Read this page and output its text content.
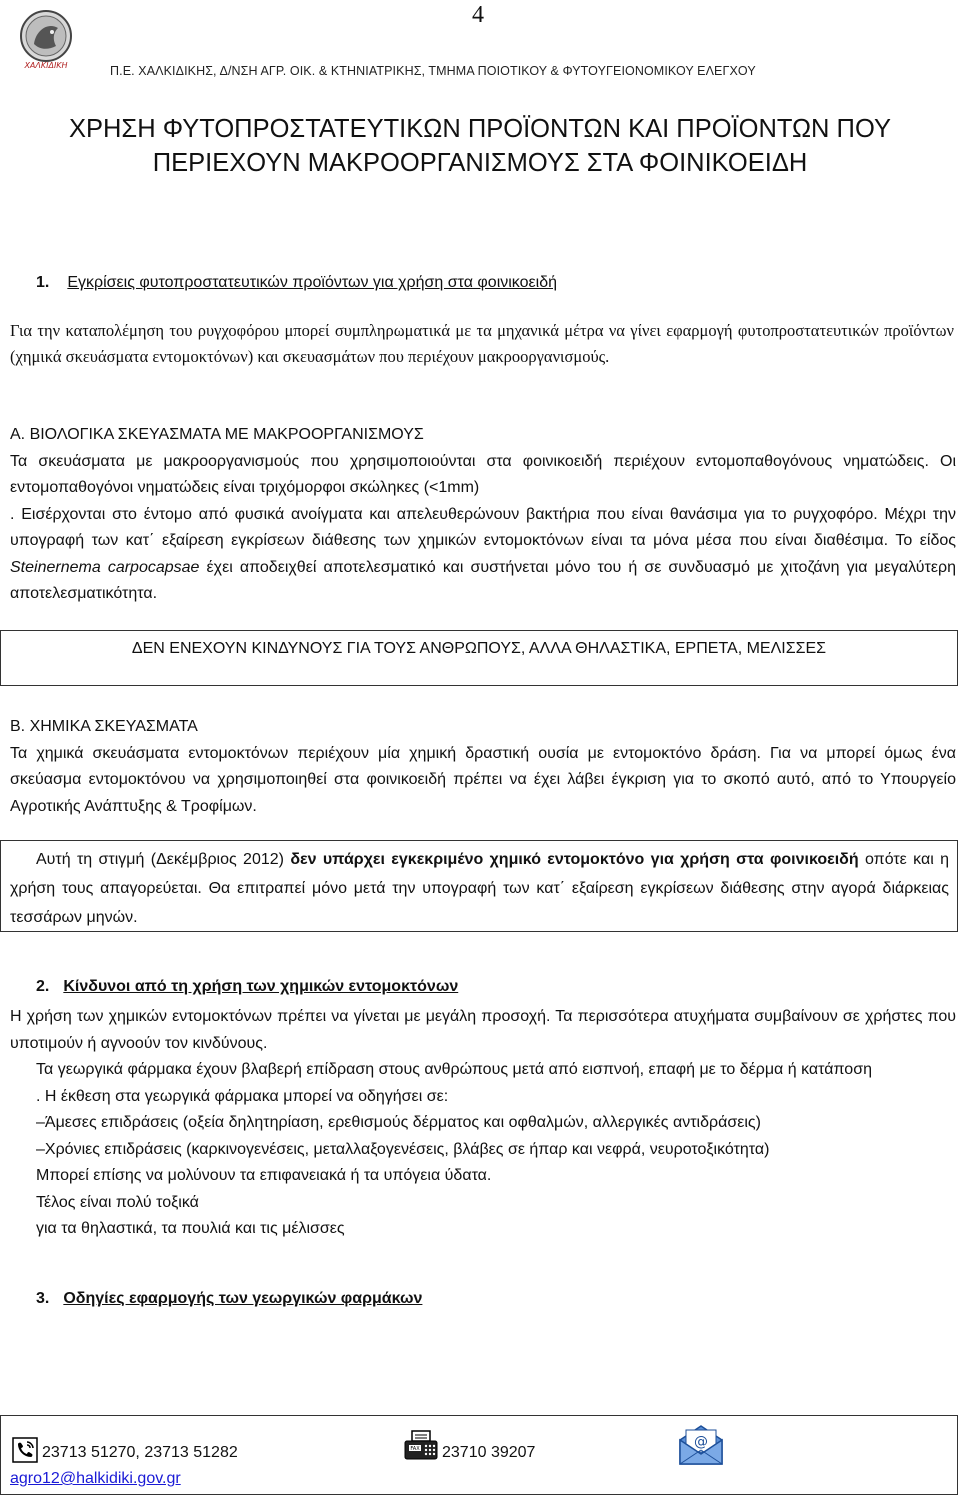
4
ΧΑΛΚΙΔΙΚΗ	Π.Ε. ΧΑΛΚΙΔΙΚΗΣ, Δ/ΝΣΗ ΑΓΡ. ΟΙΚ. & ΚΤΗΝΙΑΤΡΙΚΗΣ, ΤΜΗΜΑ ΠΟΙΟΤΙΚΟΥ & ΦΥΤΟΥΓΕΙΟΝΟΜΙΚΟΥ ΕΛΕΓΧΟΥ
ΧΡΗΣΗ ΦΥΤΟΠΡΟΣΤΑΤΕΥΤΙΚΩΝ ΠΡΟΪΟΝΤΩΝ ΚΑΙ ΠΡΟΪΟΝΤΩΝ ΠΟΥ
ΠΕΡΙΕΧΟΥΝ ΜΑΚΡΟΟΡΓΑΝΙΣΜΟΥΣ ΣΤΑ ΦΟΙΝΙΚΟΕΙΔΗ
1. Εγκρίσεις φυτοπροστατευτικών προϊόντων για χρήση στα φοινικοειδή
Για την καταπολέμηση του ρυγχοφόρου μπορεί συμπληρωματικά με τα μηχανικά μέτρα να γίνει εφαρμογή φυτοπροστατευτικών προϊόντων (χημικά σκευάσματα εντομοκτόνων) και σκευασμάτων που περιέχουν μακροοργανισμούς.

Α. ΒΙΟΛΟΓΙΚΑ ΣΚΕΥΑΣΜΑΤΑ ΜΕ ΜΑΚΡΟΟΡΓΑΝΙΣΜΟΥΣ

Τα σκευάσματα με μακροοργανισμούς που χρησιμοποιούνται στα φοινικοειδή περιέχουν εντομοπαθογόνους νηματώδεις. Οι εντομοπαθογόνοι νηματώδεις είναι τριχόμορφοι σκώληκες (<1mm)

. Εισέρχονται στο έντομο από φυσικά ανοίγματα και απελευθερώνουν βακτήρια που είναι θανάσιμα για το ρυγχοφόρο. Μέχρι την υπογραφή των κατ΄ εξαίρεση εγκρίσεων διάθεσης των χημικών εντομοκτόνων είναι τα μόνα μέσα που είναι διαθέσιμα. Το είδος Steinernema carpocapsae έχει αποδειχθεί αποτελεσματικό και συστήνεται μόνο του ή σε συνδυασμό με χιτοζάνη για μεγαλύτερη αποτελεσματικότητα.

ΔΕΝ ΕΝΕΧΟΥΝ ΚΙΝΔΥΝΟΥΣ ΓΙΑ ΤΟΥΣ ΑΝΘΡΩΠΟΥΣ, ΑΛΛΑ ΘΗΛΑΣΤΙΚΑ, ΕΡΠΕΤΑ, ΜΕΛΙΣΣΕΣ

Β. ΧΗΜΙΚΑ ΣΚΕΥΑΣΜΑΤΑ

Τα χημικά σκευάσματα εντομοκτόνων περιέχουν μία χημική δραστική ουσία με εντομοκτόνο δράση. Για να μπορεί όμως ένα σκεύασμα εντομοκτόνου να χρησιμοποιηθεί στα φοινικοειδή πρέπει να έχει λάβει έγκριση για το σκοπό αυτό, από το Υπουργείο Αγροτικής Ανάπτυξης & Τροφίμων.

Αυτή τη στιγμή (Δεκέμβριος 2012) δεν υπάρχει εγκεκριμένο χημικό εντομοκτόνο για χρήση στα φοινικοειδή οπότε και η χρήση τους απαγορεύεται. Θα επιτραπεί μόνο μετά την υπογραφή των κατ΄ εξαίρεση εγκρίσεων διάθεσης στην αγορά διάρκειας τεσσάρων μηνών.

2. Κίνδυνοι από τη χρήση των χημικών εντομοκτόνων

Η χρήση των χημικών εντομοκτόνων πρέπει να γίνεται με μεγάλη προσοχή. Τα περισσότερα ατυχήματα συμβαίνουν σε χρήστες που υποτιμούν ή αγνοούν τον κινδύνους.

Τα γεωργικά φάρμακα έχουν βλαβερή επίδραση στους ανθρώπους μετά από εισπνοή, επαφή με το δέρμα ή κατάποση

. Η έκθεση στα γεωργικά φάρμακα μπορεί να οδηγήσει σε:

–Άμεσες επιδράσεις (οξεία δηλητηρίαση, ερεθισμούς δέρματος και οφθαλμών, αλλεργικές αντιδράσεις)

–Χρόνιες επιδράσεις (καρκινογενέσεις, μεταλλαξογενέσεις, βλάβες σε ήπαρ και νεφρά, νευροτοξικότητα)

Μπορεί επίσης να μολύνουν τα επιφανειακά ή τα υπόγεια ύδατα.

Τέλος είναι πολύ τοξικά

για τα θηλαστικά, τα πουλιά και τις μέλισσες

3. Οδηγίες εφαρμογής των γεωργικών φαρμάκων
23713 51270, 23713 51282	FAX 23710 39207
@
agro12@halkidiki.gov.gr
